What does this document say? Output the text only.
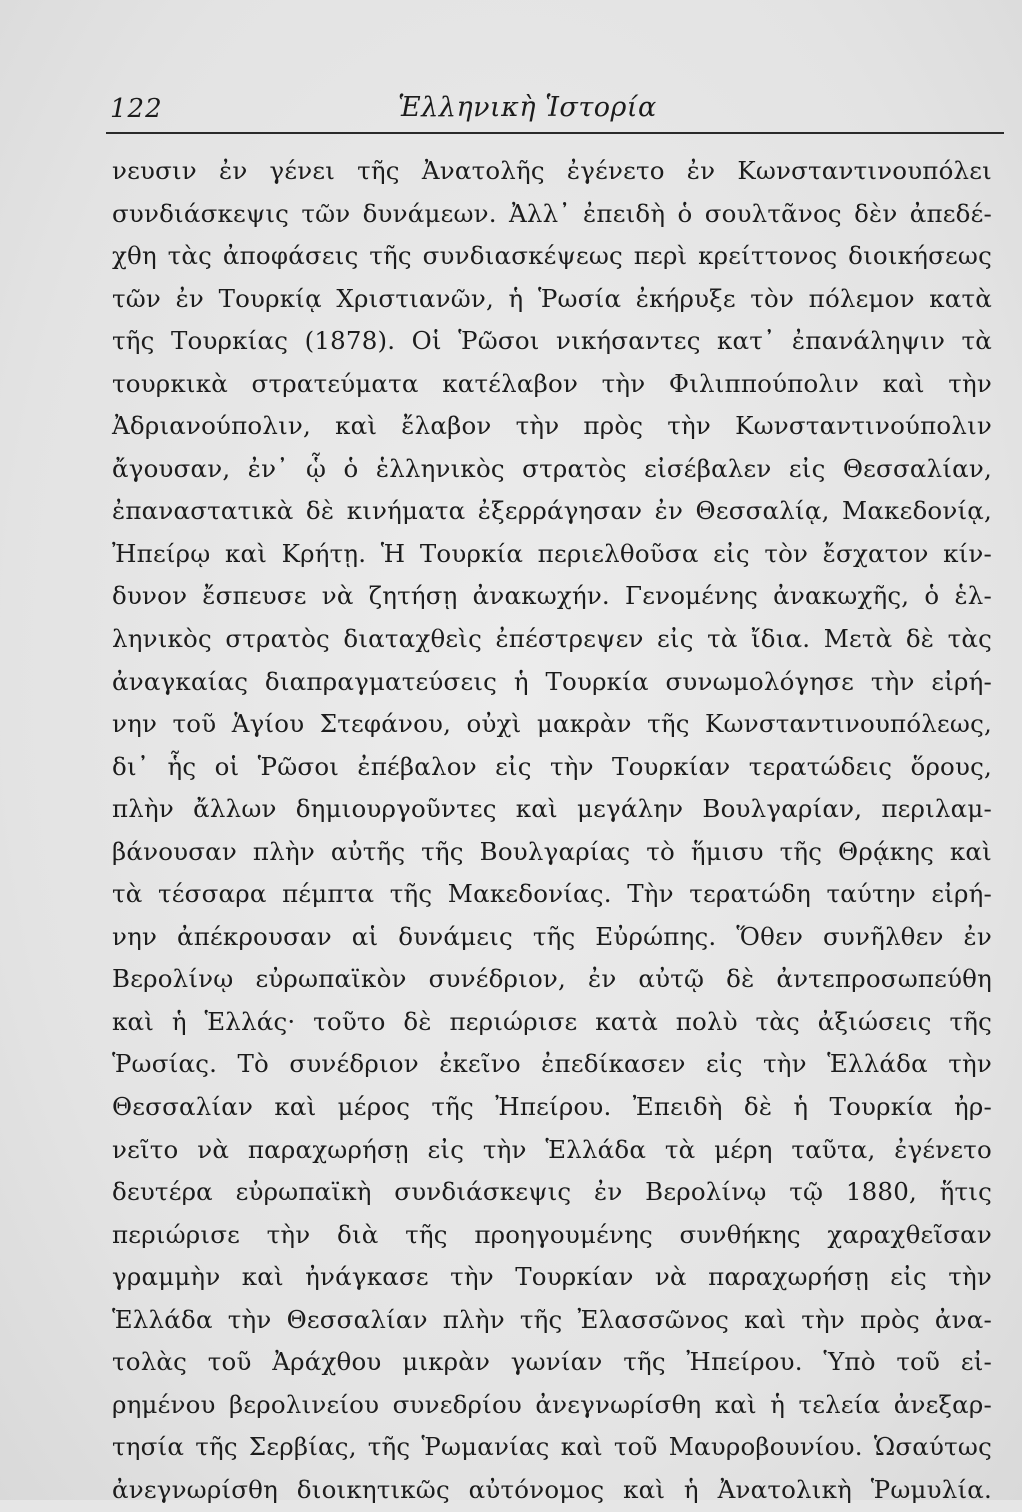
122	Ἑλληνικὴ Ἱστορία
νευσιν ἐν γένει τῆς Ἀνατολῆς ἐγένετο ἐν Κωνσταντινουπόλει
συνδιάσκεψις τῶν δυνάμεων. Ἀλλ᾽ ἐπειδὴ ὁ σουλτᾶνος δὲν ἀπεδέ-
χθη τὰς ἀποφάσεις τῆς συνδιασκέψεως περὶ κρείττονος διοικήσεως
τῶν ἐν Τουρκίᾳ Χριστιανῶν, ἡ Ῥωσία ἐκήρυξε τὸν πόλεμον κατὰ
τῆς Τουρκίας (1878). Οἱ Ῥῶσοι νικήσαντες κατ᾽ ἐπανάληψιν τὰ
τουρκικὰ στρατεύματα κατέλαβον τὴν Φιλιππούπολιν καὶ τὴν
Ἀδριανούπολιν, καὶ ἔλαβον τὴν πρὸς τὴν Κωνσταντινούπολιν
ἄγουσαν, ἐν᾽ ᾧ ὁ ἑλληνικὸς στρατὸς εἰσέβαλεν εἰς Θεσσαλίαν,
ἐπαναστατικὰ δὲ κινήματα ἐξερράγησαν ἐν Θεσσαλίᾳ, Μακεδονίᾳ,
Ἠπείρῳ καὶ Κρήτῃ. Ἡ Τουρκία περιελθοῦσα εἰς τὸν ἔσχατον κίν-
δυνον ἔσπευσε νὰ ζητήσῃ ἀνακωχήν. Γενομένης ἀνακωχῆς, ὁ ἑλ-
ληνικὸς στρατὸς διαταχθεὶς ἐπέστρεψεν εἰς τὰ ἴδια. Μετὰ δὲ τὰς
ἀναγκαίας διαπραγματεύσεις ἡ Τουρκία συνωμολόγησε τὴν εἰρή-
νην τοῦ Ἁγίου Στεφάνου, οὐχὶ μακρὰν τῆς Κωνσταντινουπόλεως,
δι᾽ ἧς οἱ Ῥῶσοι ἐπέβαλον εἰς τὴν Τουρκίαν τερατώδεις ὅρους,
πλὴν ἄλλων δημιουργοῦντες καὶ μεγάλην Βουλγαρίαν, περιλαμ-
βάνουσαν πλὴν αὐτῆς τῆς Βουλγαρίας τὸ ἥμισυ τῆς Θρᾴκης καὶ
τὰ τέσσαρα πέμπτα τῆς Μακεδονίας. Τὴν τερατώδη ταύτην εἰρή-
νην ἀπέκρουσαν αἱ δυνάμεις τῆς Εὐρώπης. Ὅθεν συνῆλθεν ἐν
Βερολίνῳ εὐρωπαϊκὸν συνέδριον, ἐν αὐτῷ δὲ ἀντεπροσωπεύθη
καὶ ἡ Ἑλλάς· τοῦτο δὲ περιώρισε κατὰ πολὺ τὰς ἀξιώσεις τῆς
Ῥωσίας. Τὸ συνέδριον ἐκεῖνο ἐπεδίκασεν εἰς τὴν Ἑλλάδα τὴν
Θεσσαλίαν καὶ μέρος τῆς Ἠπείρου. Ἐπειδὴ δὲ ἡ Τουρκία ἠρ-
νεῖτο νὰ παραχωρήσῃ εἰς τὴν Ἑλλάδα τὰ μέρη ταῦτα, ἐγένετο
δευτέρα εὐρωπαϊκὴ συνδιάσκεψις ἐν Βερολίνῳ τῷ 1880, ἥτις
περιώρισε τὴν διὰ τῆς προηγουμένης συνθήκης χαραχθεῖσαν
γραμμὴν καὶ ἠνάγκασε τὴν Τουρκίαν νὰ παραχωρήσῃ εἰς τὴν
Ἑλλάδα τὴν Θεσσαλίαν πλὴν τῆς Ἐλασσῶνος καὶ τὴν πρὸς ἀνα-
τολὰς τοῦ Ἀράχθου μικρὰν γωνίαν τῆς Ἠπείρου. Ὑπὸ τοῦ εἰ-
ρημένου βερολινείου συνεδρίου ἀνεγνωρίσθη καὶ ἡ τελεία ἀνεξαρ-
τησία τῆς Σερβίας, τῆς Ῥωμανίας καὶ τοῦ Μαυροβουνίου. Ὡσαύτως
ἀνεγνωρίσθη διοικητικῶς αὐτόνομος καὶ ἡ Ἀνατολικὴ Ῥωμυλία.
